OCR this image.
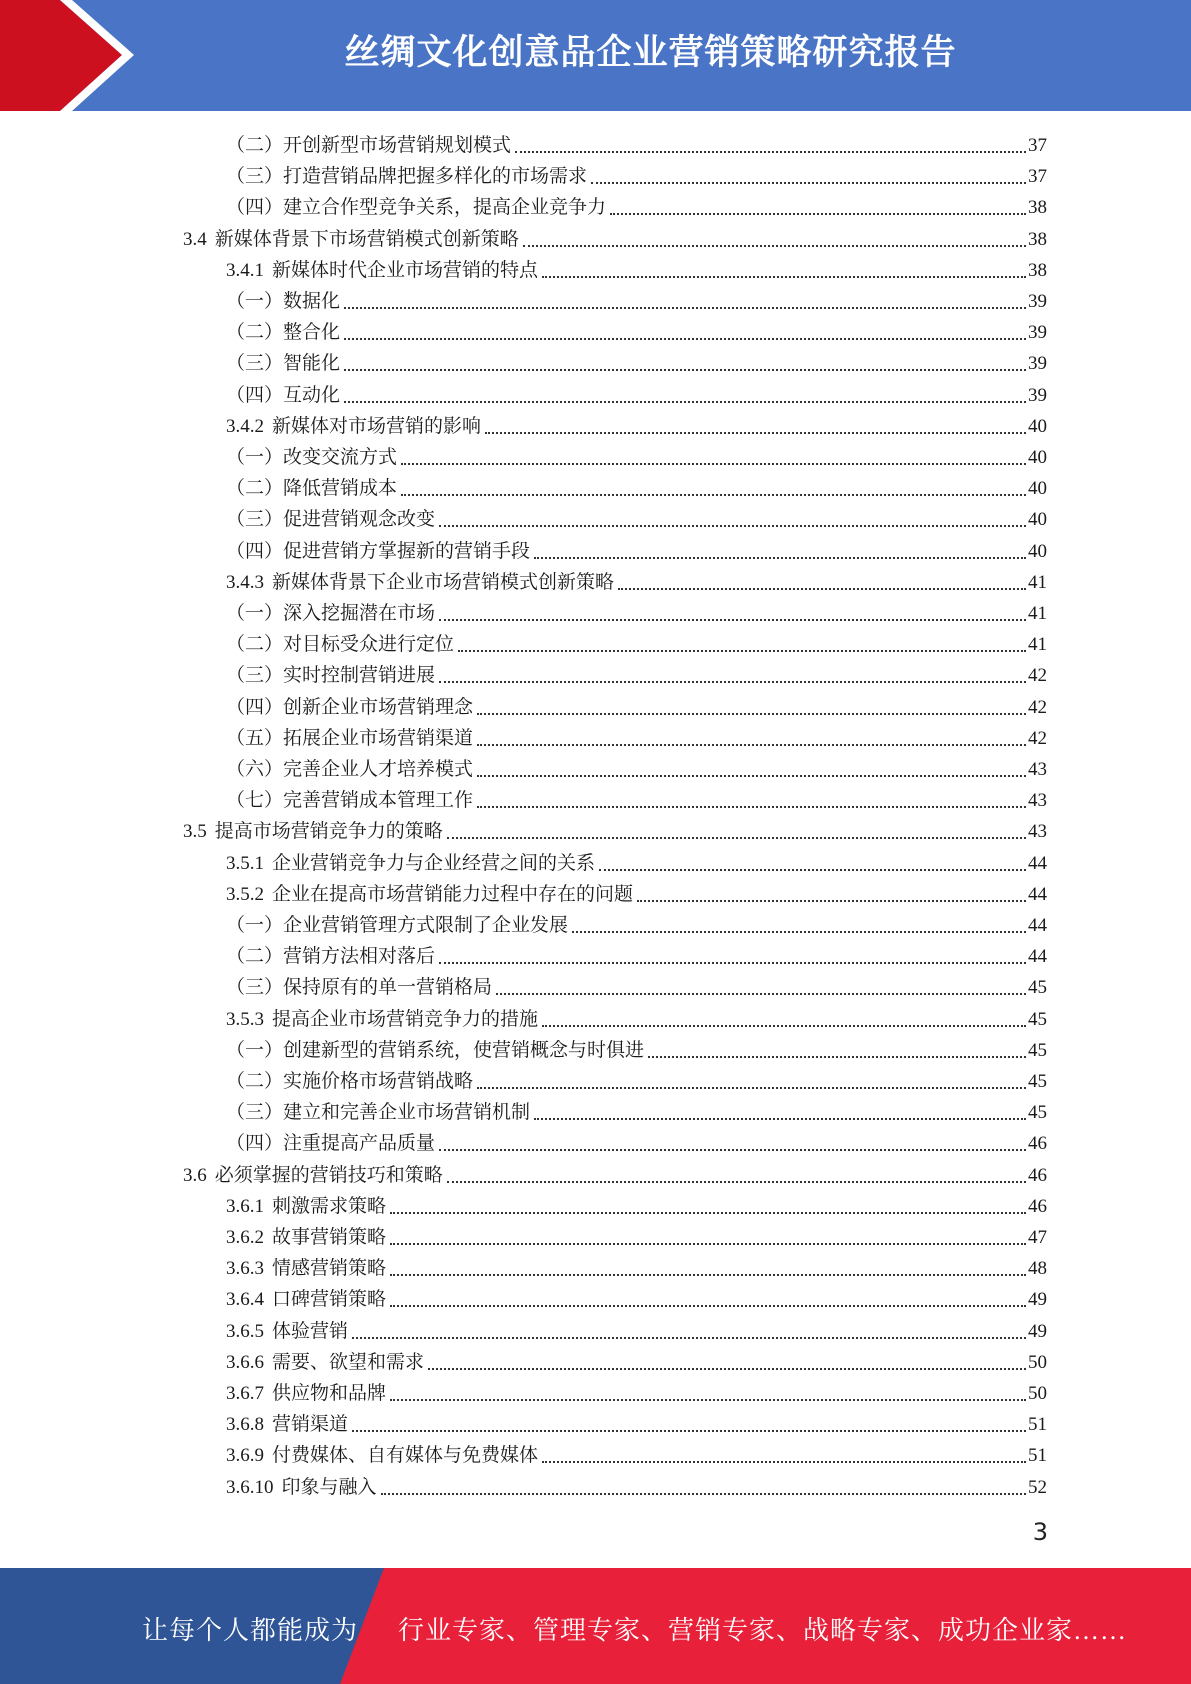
丝绸文化创意品企业营销策略研究报告
（二）开创新型市场营销规划模式	37
（三）打造营销品牌把握多样化的市场需求	37
（四）建立合作型竞争关系，提高企业竞争力	38
3.4 新媒体背景下市场营销模式创新策略	38
3.4.1 新媒体时代企业市场营销的特点	38
（一）数据化	39
（二）整合化	39
（三）智能化	39
（四）互动化	39
3.4.2 新媒体对市场营销的影响	40
（一）改变交流方式	40
（二）降低营销成本	40
（三）促进营销观念改变	40
（四）促进营销方掌握新的营销手段	40
3.4.3 新媒体背景下企业市场营销模式创新策略	41
（一）深入挖掘潜在市场	41
（二）对目标受众进行定位	41
（三）实时控制营销进展	42
（四）创新企业市场营销理念	42
（五）拓展企业市场营销渠道	42
（六）完善企业人才培养模式	43
（七）完善营销成本管理工作	43
3.5 提高市场营销竞争力的策略	43
3.5.1 企业营销竞争力与企业经营之间的关系	44
3.5.2 企业在提高市场营销能力过程中存在的问题	44
（一）企业营销管理方式限制了企业发展	44
（二）营销方法相对落后	44
（三）保持原有的单一营销格局	45
3.5.3 提高企业市场营销竞争力的措施	45
（一）创建新型的营销系统，使营销概念与时俱进	45
（二）实施价格市场营销战略	45
（三）建立和完善企业市场营销机制	45
（四）注重提高产品质量	46
3.6 必须掌握的营销技巧和策略	46
3.6.1 刺激需求策略	46
3.6.2 故事营销策略	47
3.6.3 情感营销策略	48
3.6.4 口碑营销策略	49
3.6.5 体验营销	49
3.6.6 需要、欲望和需求	50
3.6.7 供应物和品牌	50
3.6.8 营销渠道	51
3.6.9 付费媒体、自有媒体与免费媒体	51
3.6.10 印象与融入	52
3
让每个人都能成为 行业专家、管理专家、营销专家、战略专家、成功企业家……
